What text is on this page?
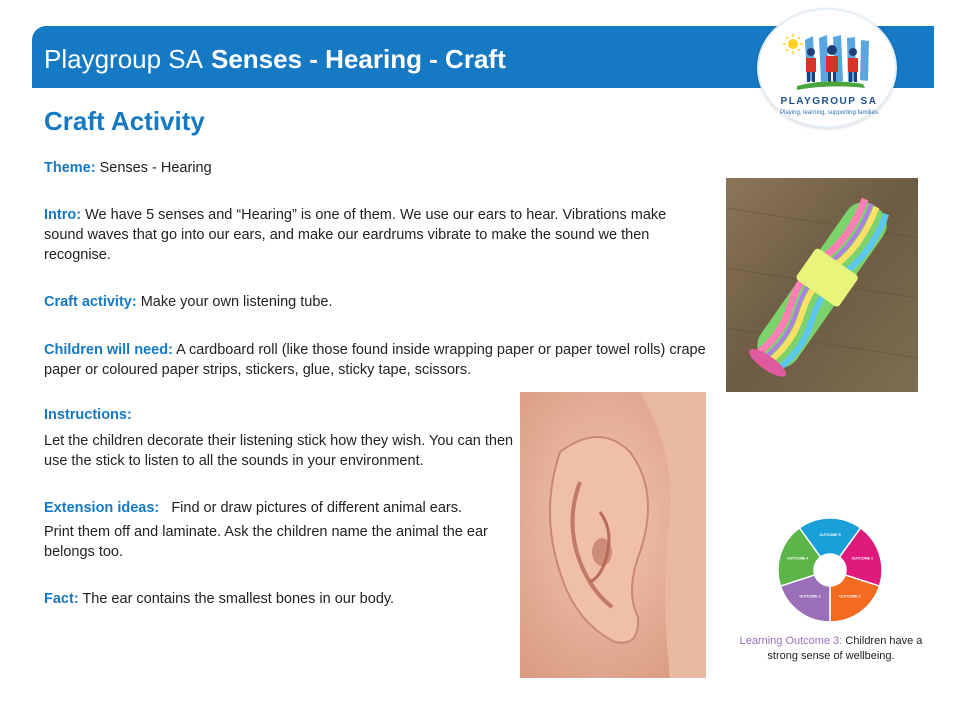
Playgroup SA Senses - Hearing - Craft
PLAYGROUP SA
Playing, learning, supporting families
Craft Activity

Theme: Senses - Hearing

Intro: We have 5 senses and “Hearing” is one of them. We use our ears to hear. Vibrations make sound waves that go into our ears, and make our eardrums vibrate to make the sound we then recognise.

Craft activity: Make your own listening tube.

Children will need: A cardboard roll (like those found inside wrapping paper or paper towel rolls) crape paper or coloured paper strips, stickers, glue, sticky tape, scissors.

Instructions:

Let the children decorate their listening stick how they wish. You can then use the stick to listen to all the sounds in your environment.

Extension ideas:   Find or draw pictures of different animal ears.

Print them off and laminate. Ask the children name the animal the ear belongs too.

Fact: The ear contains the smallest bones in our body.

OUTCOME 1
OUTCOME 2
OUTCOME 3
OUTCOME 4
OUTCOME 5

Learning Outcome 3: Children have a strong sense of wellbeing.
